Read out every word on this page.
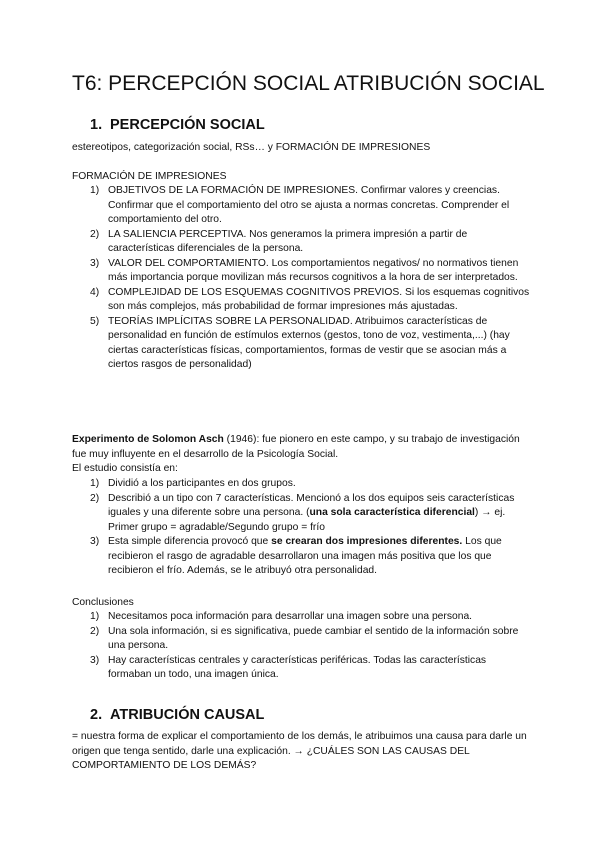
T6: PERCEPCIÓN SOCIAL ATRIBUCIÓN SOCIAL
1. PERCEPCIÓN SOCIAL

estereotipos, categorización social, RSs… y FORMACIÓN DE IMPRESIONES

FORMACIÓN DE IMPRESIONES

1) OBJETIVOS DE LA FORMACIÓN DE IMPRESIONES. Confirmar valores y creencias. Confirmar que el comportamiento del otro se ajusta a normas concretas. Comprender el comportamiento del otro.
2) LA SALIENCIA PERCEPTIVA. Nos generamos la primera impresión a partir de características diferenciales de la persona.
3) VALOR DEL COMPORTAMIENTO. Los comportamientos negativos/ no normativos tienen más importancia porque movilizan más recursos cognitivos a la hora de ser interpretados.
4) COMPLEJIDAD DE LOS ESQUEMAS COGNITIVOS PREVIOS. Si los esquemas cognitivos son más complejos, más probabilidad de formar impresiones más ajustadas.
5) TEORÍAS IMPLÍCITAS SOBRE LA PERSONALIDAD. Atribuimos características de personalidad en función de estímulos externos (gestos, tono de voz, vestimenta,...) (hay ciertas características físicas, comportamientos, formas de vestir que se asocian más a ciertos rasgos de personalidad)

Experimento de Solomon Asch (1946): fue pionero en este campo, y su trabajo de investigación fue muy influyente en el desarrollo de la Psicología Social.

El estudio consistía en:

1) Dividió a los participantes en dos grupos.
2) Describió a un tipo con 7 características. Mencionó a los dos equipos seis características iguales y una diferente sobre una persona. (una sola característica diferencial) → ej. Primer grupo = agradable/Segundo grupo = frío
3) Esta simple diferencia provocó que se crearan dos impresiones diferentes. Los que recibieron el rasgo de agradable desarrollaron una imagen más positiva que los que recibieron el frío. Además, se le atribuyó otra personalidad.

Conclusiones

1) Necesitamos poca información para desarrollar una imagen sobre una persona.
2) Una sola información, si es significativa, puede cambiar el sentido de la información sobre una persona.
3) Hay características centrales y características periféricas. Todas las características formaban un todo, una imagen única.
2. ATRIBUCIÓN CAUSAL

= nuestra forma de explicar el comportamiento de los demás, le atribuimos una causa para darle un origen que tenga sentido, darle una explicación. → ¿CUÁLES SON LAS CAUSAS DEL COMPORTAMIENTO DE LOS DEMÁS?
